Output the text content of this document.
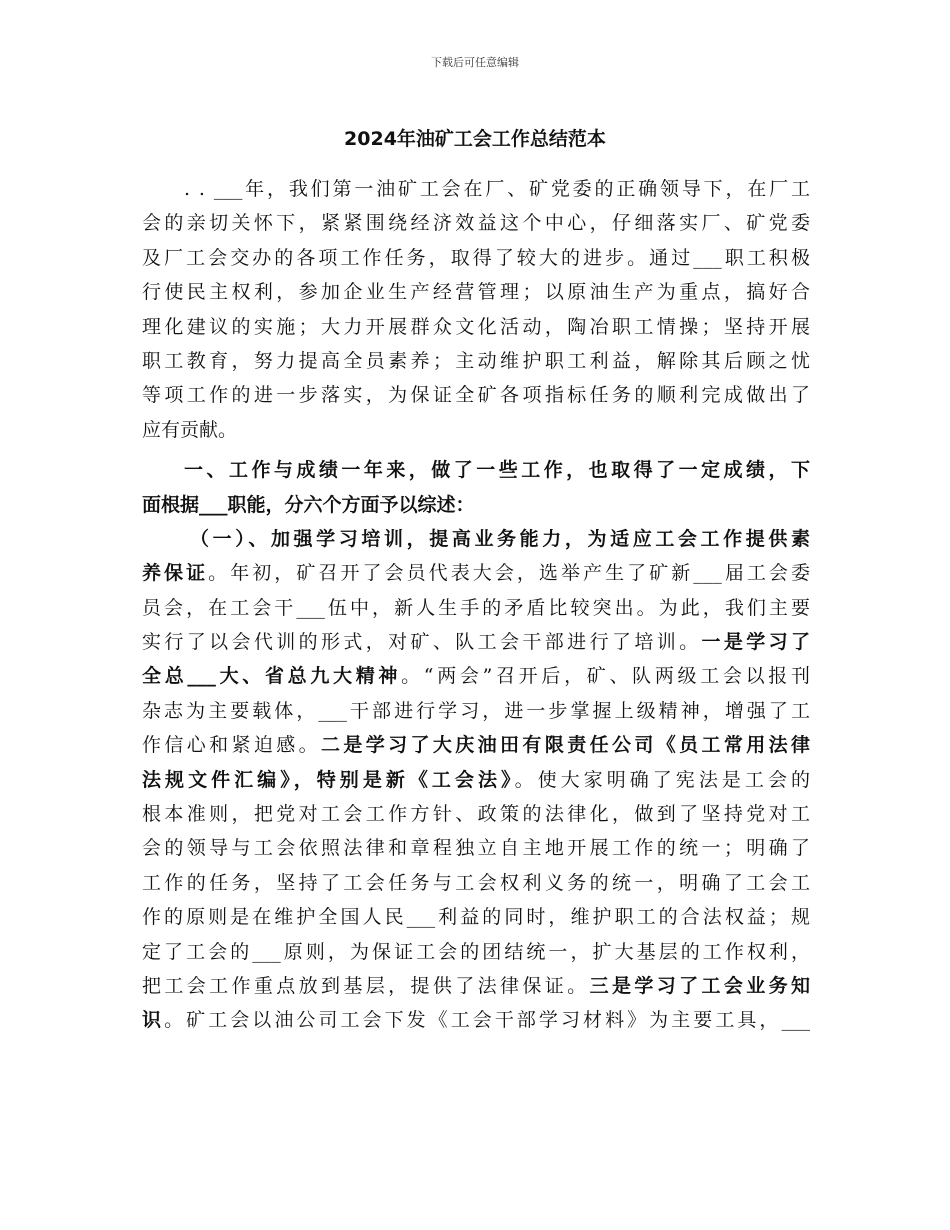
下载后可任意编辑
2024年油矿工会工作总结范本
. . ___年，我们第一油矿工会在厂、矿党委的正确领导下，在厂工
会的亲切关怀下，紧紧围绕经济效益这个中心，仔细落实厂、矿党委
及厂工会交办的各项工作任务，取得了较大的进步。通过___职工积极
行使民主权利，参加企业生产经营管理；以原油生产为重点，搞好合
理化建议的实施；大力开展群众文化活动，陶冶职工情操；坚持开展
职工教育，努力提高全员素养；主动维护职工利益，解除其后顾之忧
等项工作的进一步落实，为保证全矿各项指标任务的顺利完成做出了
应有贡献。
一、工作与成绩一年来，做了一些工作，也取得了一定成绩，下
面根据___职能，分六个方面予以综述：
（一）、加强学习培训，提高业务能力，为适应工会工作提供素
养保证。年初，矿召开了会员代表大会，选举产生了矿新___届工会委
员会，在工会干___伍中，新人生手的矛盾比较突出。为此，我们主要
实行了以会代训的形式，对矿、队工会干部进行了培训。一是学习了
全总___大、省总九大精神。“两会”召开后，矿、队两级工会以报刊
杂志为主要载体，___干部进行学习，进一步掌握上级精神，增强了工
作信心和紧迫感。二是学习了大庆油田有限责任公司《员工常用法律
法规文件汇编》，特别是新《工会法》。使大家明确了宪法是工会的
根本准则，把党对工会工作方针、政策的法律化，做到了坚持党对工
会的领导与工会依照法律和章程独立自主地开展工作的统一；明确了
工作的任务，坚持了工会任务与工会权利义务的统一，明确了工会工
作的原则是在维护全国人民___利益的同时，维护职工的合法权益；规
定了工会的___原则，为保证工会的团结统一，扩大基层的工作权利，
把工会工作重点放到基层，提供了法律保证。三是学习了工会业务知
识。矿工会以油公司工会下发《工会干部学习材料》为主要工具，___
